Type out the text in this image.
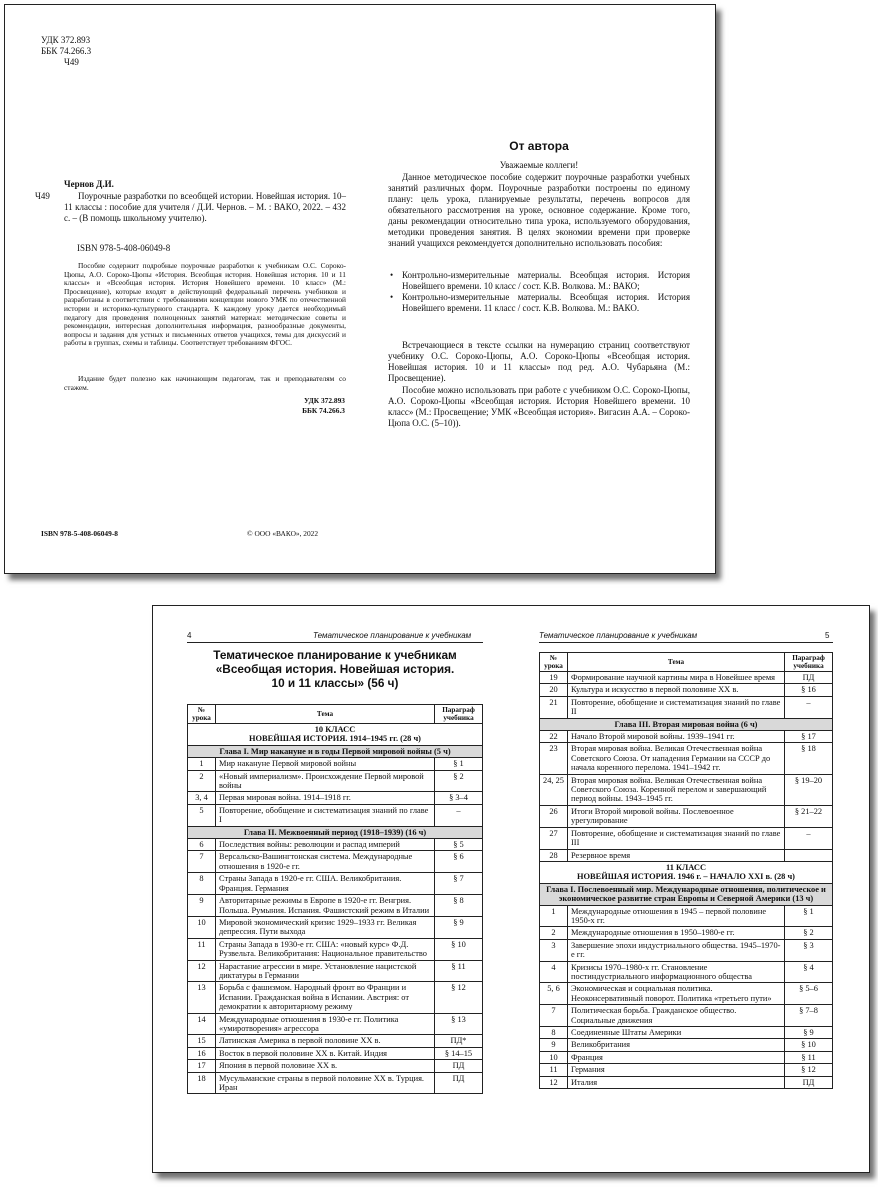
УДК 372.893
ББК 74.266.3
Ч49
Чернов Д.И.
Ч49	Поурочные разработки по всеобщей истории. Новейшая история. 10–11 классы : пособие для учителя / Д.И. Чернов. – М. : ВАКО, 2022. – 432 с. – (В помощь школьному учителю).
ISBN 978-5-408-06049-8
Пособие содержит подробные поурочные разработки к учебникам О.С. Сороко-Цюпы, А.О. Сороко-Цюпы «История. Всеобщая история. Новейшая история. 10 и 11 классы» и «Всеобщая история. История Новейшего времени. 10 класс» (М.: Просвещение), которые входят в действующий федеральный перечень учебников и разработаны в соответствии с требованиями концепции нового УМК по отечественной истории и историко-культурного стандарта. К каждому уроку дается необходимый педагогу для проведения полноценных занятий материал: методические советы и рекомендации, интересная дополнительная информация, разнообразные документы, вопросы и задания для устных и письменных ответов учащихся, темы для дискуссий и работы в группах, схемы и таблицы. Соответствует требованиям ФГОС.
Издание будет полезно как начинающим педагогам, так и преподавателям со стажем.
УДК 372.893
ББК 74.266.3
ISBN 978-5-408-06049-8	© ООО «ВАКО», 2022
От автора
Уважаемые коллеги!
Данное методическое пособие содержит поурочные разработки учебных занятий различных форм. Поурочные разработки построены по единому плану: цель урока, планируемые результаты, перечень вопросов для обязательного рассмотрения на уроке, основное содержание. Кроме того, даны рекомендации относительно типа урока, используемого оборудования, методики проведения занятия. В целях экономии времени при проверке знаний учащихся рекомендуется дополнительно использовать пособия:
• Контрольно-измерительные материалы. Всеобщая история. История Новейшего времени. 10 класс / сост. К.В. Волкова. М.: ВАКО;
• Контрольно-измерительные материалы. Всеобщая история. История Новейшего времени. 11 класс / сост. К.В. Волкова. М.: ВАКО.
Встречающиеся в тексте ссылки на нумерацию страниц соответствуют учебнику О.С. Сороко-Цюпы, А.О. Сороко-Цюпы «Всеобщая история. Новейшая история. 10 и 11 классы» под ред. А.О. Чубарьяна (М.: Просвещение).
Пособие можно использовать при работе с учебником О.С. Сороко-Цюпы, А.О. Сороко-Цюпы «Всеобщая история. История Новейшего времени. 10 класс» (М.: Просвещение; УМК «Всеобщая история». Вигасин А.А. – Сороко-Цюпа О.С. (5–10)).
4	Тематическое планирование к учебникам	Тематическое планирование к учебникам	5
Тематическое планирование к учебникам
«Всеобщая история. Новейшая история.
10 и 11 классы» (56 ч)
№ урока	Тема	Параграф учебника
10 КЛАСС
НОВЕЙШАЯ ИСТОРИЯ. 1914–1945 гг. (28 ч)		
Глава I. Мир накануне и в годы Первой мировой войны (5 ч)		
1	Мир накануне Первой мировой войны	§ 1
2	«Новый империализм». Происхождение Первой мировой войны	§ 2
3, 4	Первая мировая война. 1914–1918 гг.	§ 3–4
5	Повторение, обобщение и систематизация знаний по главе I	–
Глава II. Межвоенный период (1918–1939) (16 ч)		
6	Последствия войны: революции и распад империй	§ 5
7	Версальско-Вашингтонская система. Международные отношения в 1920-е гг.	§ 6
8	Страны Запада в 1920-е гг. США. Великобритания. Франция. Германия	§ 7
9	Авторитарные режимы в Европе в 1920-е гг. Венгрия. Польша. Румыния. Испания. Фашистский режим в Италии	§ 8
10	Мировой экономический кризис 1929–1933 гг. Великая депрессия. Пути выхода	§ 9
11	Страны Запада в 1930-е гг. США: «новый курс» Ф.Д. Рузвельта. Великобритания: Национальное правительство	§ 10
12	Нарастание агрессии в мире. Установление нацистской диктатуры в Германии	§ 11
13	Борьба с фашизмом. Народный фронт во Франции и Испании. Гражданская война в Испании. Австрия: от демократии к авторитарному режиму	§ 12
14	Международные отношения в 1930-е гг. Политика «умиротворения» агрессора	§ 13
15	Латинская Америка в первой половине XX в.	ПД*
16	Восток в первой половине XX в. Китай. Индия	§ 14–15
17	Япония в первой половине XX в.	ПД
18	Мусульманские страны в первой половине XX в. Турция. Иран	ПД
№ урока	Тема	Параграф учебника
19	Формирование научной картины мира в Новейшее время	ПД
20	Культура и искусство в первой половине XX в.	§ 16
21	Повторение, обобщение и систематизация знаний по главе II	–
Глава III. Вторая мировая война (6 ч)		
22	Начало Второй мировой войны. 1939–1941 гг.	§ 17
23	Вторая мировая война. Великая Отечественная война Советского Союза. От нападения Германии на СССР до начала коренного перелома. 1941–1942 гг.	§ 18
24, 25	Вторая мировая война. Великая Отечественная война Советского Союза. Коренной перелом и завершающий период войны. 1943–1945 гг.	§ 19–20
26	Итоги Второй мировой войны. Послевоенное урегулирование	§ 21–22
27	Повторение, обобщение и систематизация знаний по главе III	–
28	Резервное время	
11 КЛАСС
НОВЕЙШАЯ ИСТОРИЯ. 1946 г. – НАЧАЛО XXI в. (28 ч)		
Глава I. Послевоенный мир. Международные отношения, политическое и экономическое развитие стран Европы и Северной Америки (13 ч)		
1	Международные отношения в 1945 – первой половине 1950-х гг.	§ 1
2	Международные отношения в 1950–1980-е гг.	§ 2
3	Завершение эпохи индустриального общества. 1945–1970-е гг.	§ 3
4	Кризисы 1970–1980-х гг. Становление постиндустриального информационного общества	§ 4
5, 6	Экономическая и социальная политика. Неоконсервативный поворот. Политика «третьего пути»	§ 5–6
7	Политическая борьба. Гражданское общество. Социальные движения	§ 7–8
8	Соединенные Штаты Америки	§ 9
9	Великобритания	§ 10
10	Франция	§ 11
11	Германия	§ 12
12	Италия	ПД
